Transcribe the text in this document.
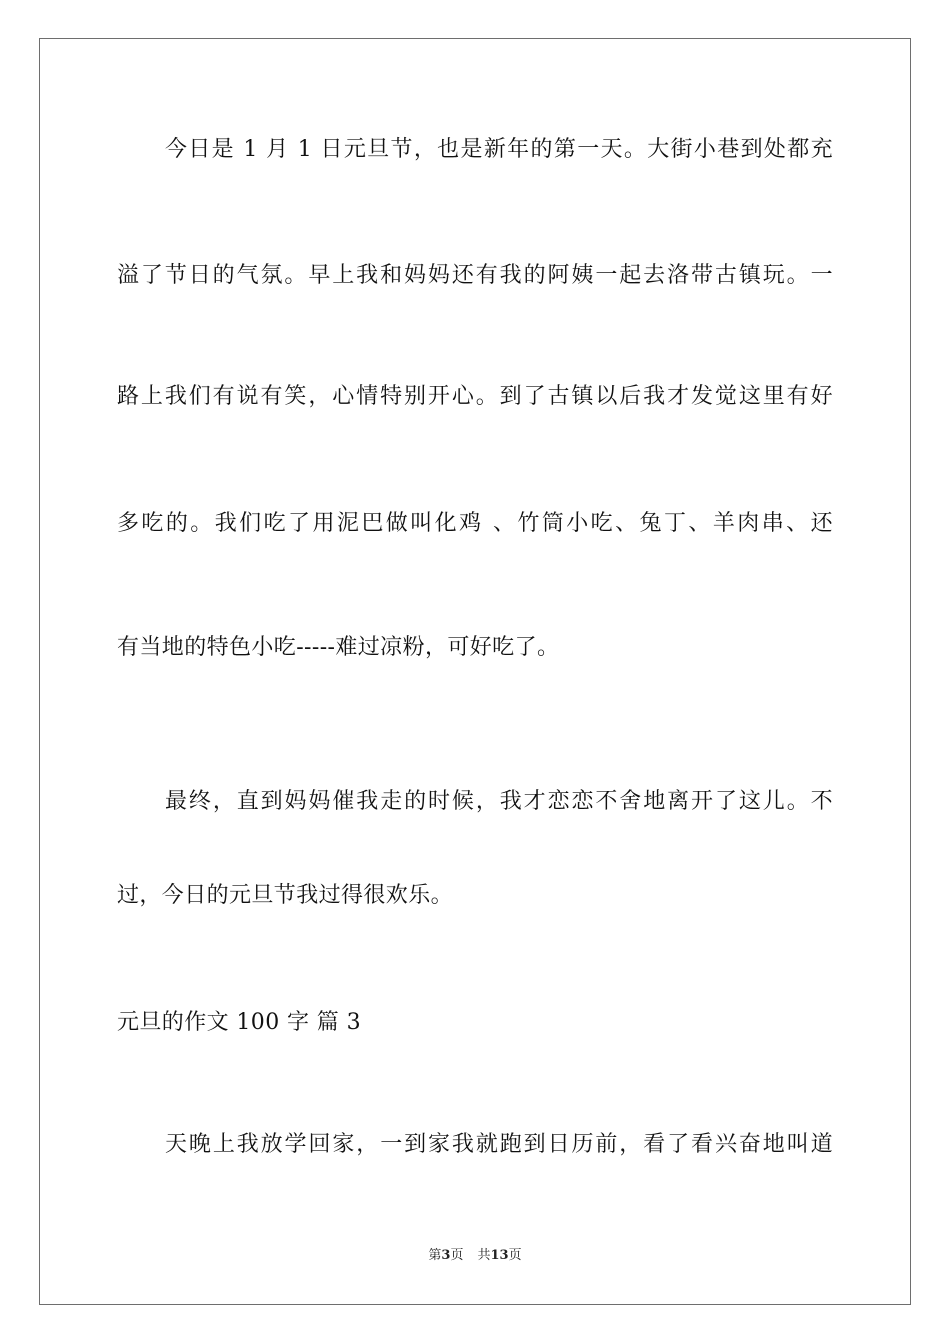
今日是 1 月 1 日元旦节，也是新年的第一天。大街小巷到处都充
溢了节日的气氛。早上我和妈妈还有我的阿姨一起去洛带古镇玩。一
路上我们有说有笑，心情特别开心。到了古镇以后我才发觉这里有好
多吃的。我们吃了用泥巴做叫化鸡 、竹筒小吃、兔丁、羊肉串、还
有当地的特色小吃-----难过凉粉，可好吃了。
最终，直到妈妈催我走的时候，我才恋恋不舍地离开了这儿。不
过，今日的元旦节我过得很欢乐。
元旦的作文 100 字 篇 3
天晚上我放学回家，一到家我就跑到日历前，看了看兴奋地叫道
第3页 共13页
